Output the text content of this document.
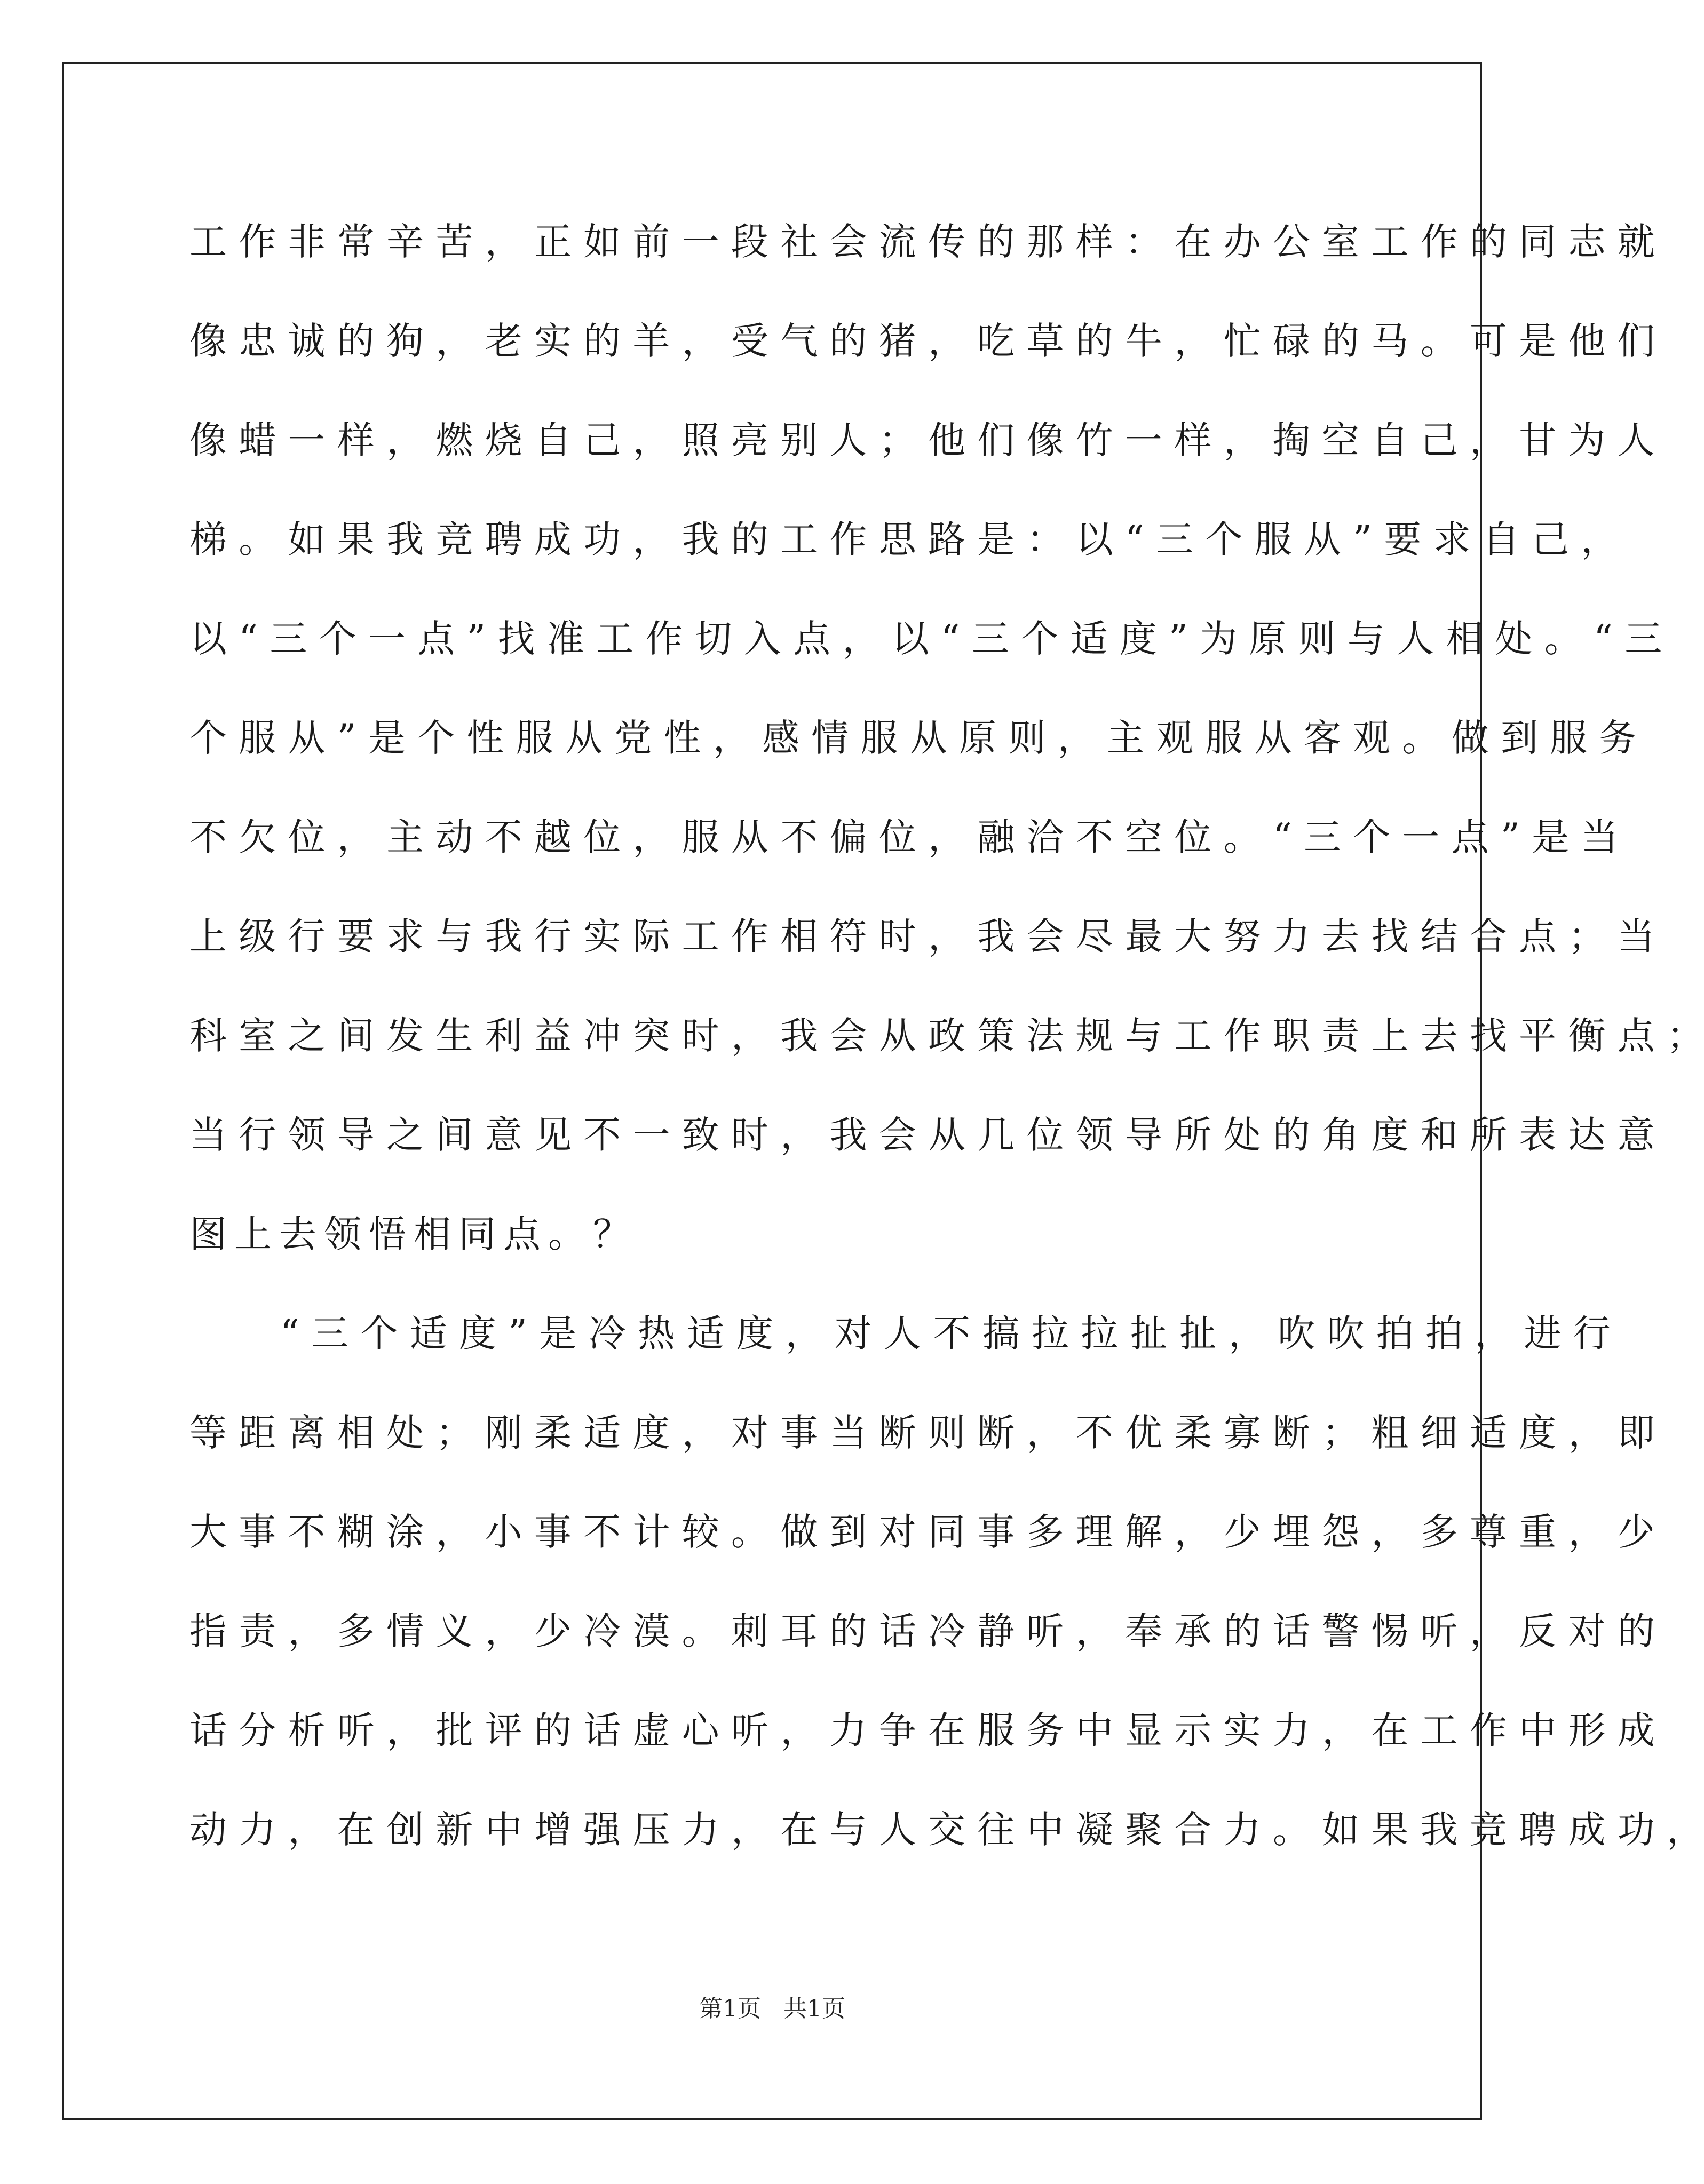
工 作 非 常 辛 苦 ， 正 如 前 一 段 社 会 流 传 的 那 样 ： 在 办 公 室 工 作 的 同 志 就
像 忠 诚 的 狗 ， 老 实 的 羊 ， 受 气 的 猪 ， 吃 草 的 牛 ， 忙 碌 的 马 。 可 是 他 们
像 蜡 一 样 ， 燃 烧 自 己 ， 照 亮 别 人 ； 他 们 像 竹 一 样 ， 掏 空 自 己 ， 甘 为 人
梯 。 如 果 我 竞 聘 成 功 ， 我 的 工 作 思 路 是 ： 以 “ 三 个 服 从 ” 要 求 自 己 ，
以 “ 三 个 一 点 ” 找 准 工 作 切 入 点 ， 以 “ 三 个 适 度 ” 为 原 则 与 人 相 处 。 “ 三
个 服 从 ” 是 个 性 服 从 党 性 ， 感 情 服 从 原 则 ， 主 观 服 从 客 观 。 做 到 服 务
不 欠 位 ， 主 动 不 越 位 ， 服 从 不 偏 位 ， 融 洽 不 空 位 。 “ 三 个 一 点 ” 是 当
上 级 行 要 求 与 我 行 实 际 工 作 相 符 时 ， 我 会 尽 最 大 努 力 去 找 结 合 点 ； 当
科 室 之 间 发 生 利 益 冲 突 时 ， 我 会 从 政 策 法 规 与 工 作 职 责 上 去 找 平 衡 点 ；
当 行 领 导 之 间 意 见 不 一 致 时 ， 我 会 从 几 位 领 导 所 处 的 角 度 和 所 表 达 意
图上去领悟相同点。？
“ 三 个 适 度 ” 是 冷 热 适 度 ， 对 人 不 搞 拉 拉 扯 扯 ， 吹 吹 拍 拍 ， 进 行
等 距 离 相 处 ； 刚 柔 适 度 ， 对 事 当 断 则 断 ， 不 优 柔 寡 断 ； 粗 细 适 度 ， 即
大 事 不 糊 涂 ， 小 事 不 计 较 。 做 到 对 同 事 多 理 解 ， 少 埋 怨 ， 多 尊 重 ， 少
指 责 ， 多 情 义 ， 少 冷 漠 。 刺 耳 的 话 冷 静 听 ， 奉 承 的 话 警 惕 听 ， 反 对 的
话 分 析 听 ， 批 评 的 话 虚 心 听 ， 力 争 在 服 务 中 显 示 实 力 ， 在 工 作 中 形 成
动 力 ， 在 创 新 中 增 强 压 力 ， 在 与 人 交 往 中 凝 聚 合 力 。 如 果 我 竞 聘 成 功 ，
第1页 共1页
